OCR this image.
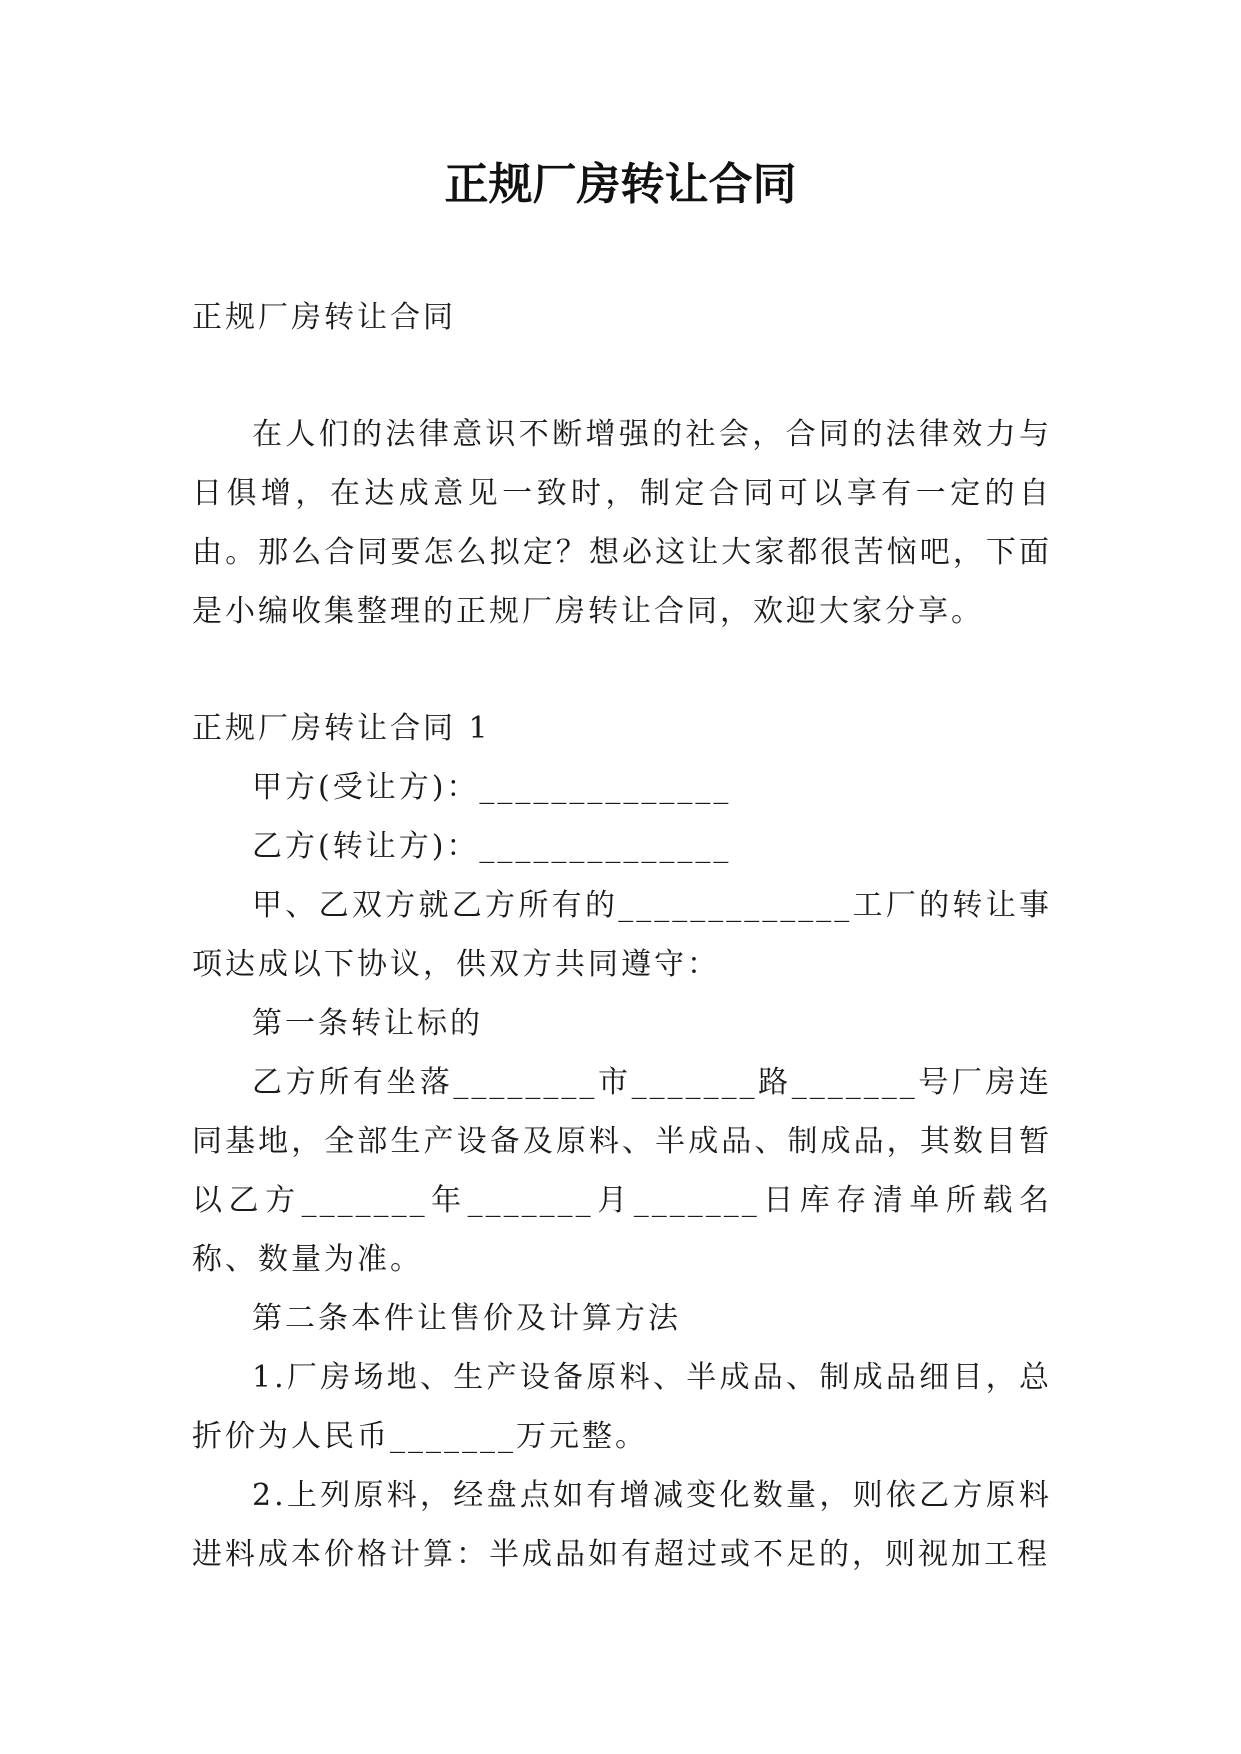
正规厂房转让合同

正规厂房转让合同

在人们的法律意识不断增强的社会，合同的法律效力与日俱增，在达成意见一致时，制定合同可以享有一定的自由。那么合同要怎么拟定？想必这让大家都很苦恼吧，下面是小编收集整理的正规厂房转让合同，欢迎大家分享。

正规厂房转让合同 1

甲方(受让方)：______________

乙方(转让方)：______________

甲、乙双方就乙方所有的_____________工厂的转让事项达成以下协议，供双方共同遵守：

第一条转让标的

乙方所有坐落________市_______路_______号厂房连同基地，全部生产设备及原料、半成品、制成品，其数目暂以乙方_______年_______月_______日库存清单所载名称、数量为准。

第二条本件让售价及计算方法

1.厂房场地、生产设备原料、半成品、制成品细目，总折价为人民币_______万元整。

2.上列原料，经盘点如有增减变化数量，则依乙方原料进料成本价格计算：半成品如有超过或不足的，则视加工程
